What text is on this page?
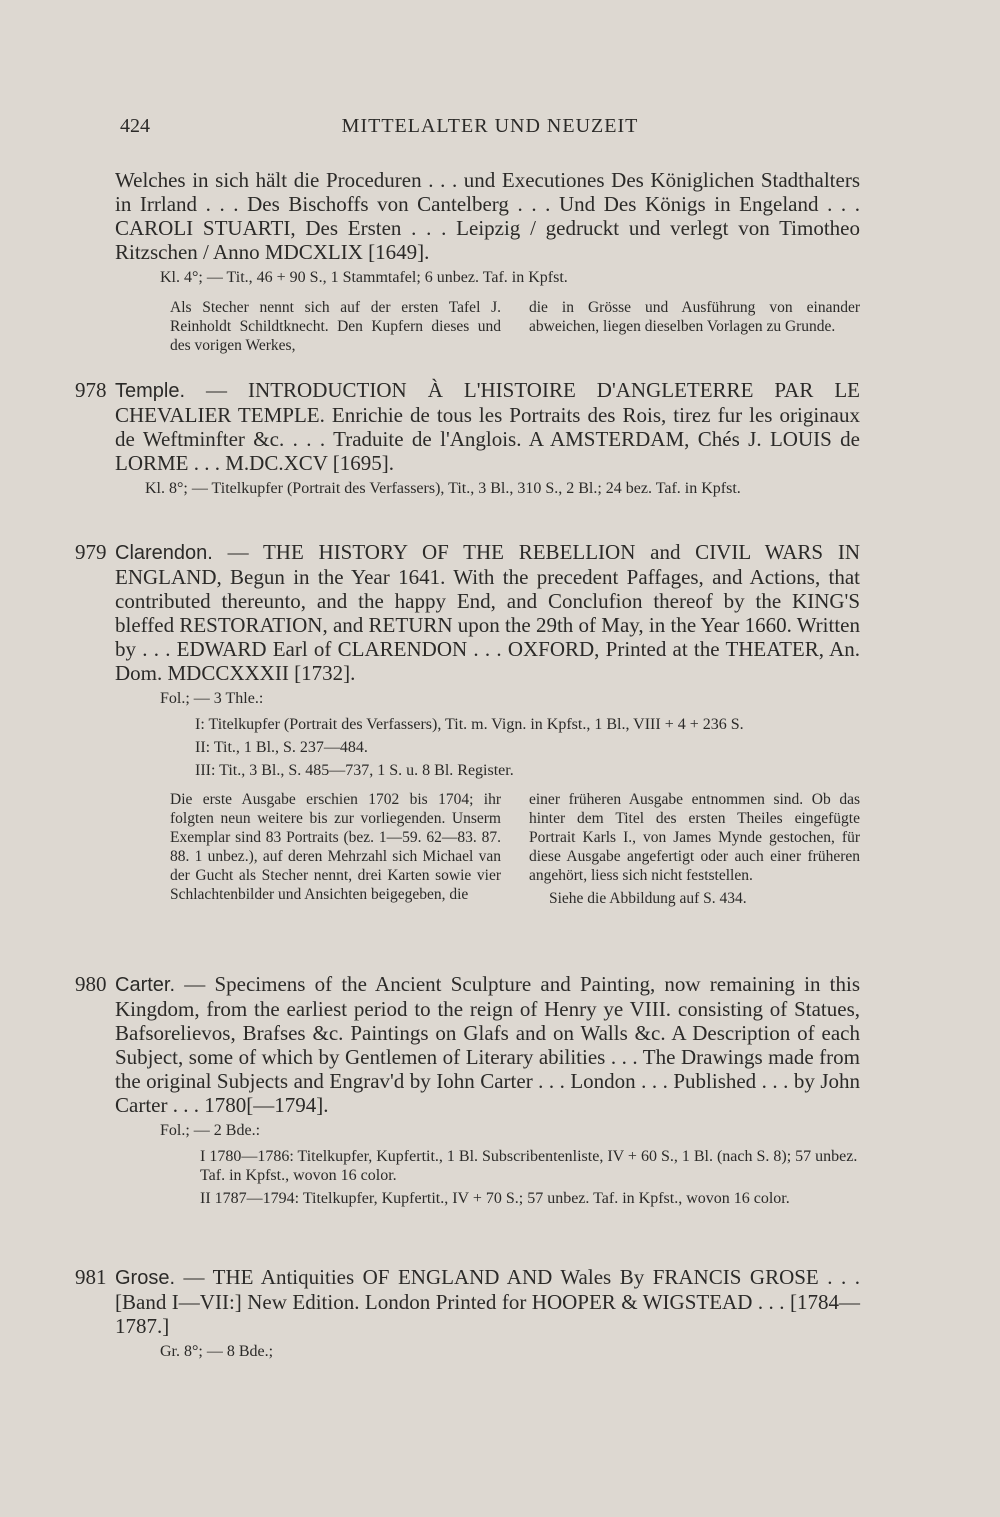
424	MITTELALTER UND NEUZEIT

Welches in sich hält die Proceduren . . . und Executiones Des Königlichen Stadthalters in Irrland . . . Des Bischoffs von Cantelberg . . . Und Des Königs in Engeland . . . CAROLI STUARTI, Des Ersten . . . Leipzig / gedruckt und verlegt von Timotheo Ritzschen / Anno MDCXLIX [1649].

Kl. 4°; — Tit., 46 + 90 S., 1 Stammtafel; 6 unbez. Taf. in Kpfst.

Als Stecher nennt sich auf der ersten Tafel J. Reinholdt Schildtknecht. Den Kupfern dieses und des vorigen Werkes,

die in Grösse und Ausführung von einander abweichen, liegen dieselben Vorlagen zu Grunde.

978 Temple. — INTRODUCTION À L'HISTOIRE D'ANGLETERRE PAR LE CHEVALIER TEMPLE. Enrichie de tous les Portraits des Rois, tirez fur les originaux de Weftminfter &c. . . . Traduite de l'Anglois. A AMSTERDAM, Chés J. LOUIS de LORME . . . M.DC.XCV [1695].

Kl. 8°; — Titelkupfer (Portrait des Verfassers), Tit., 3 Bl., 310 S., 2 Bl.; 24 bez. Taf. in Kpfst.

979 Clarendon. — THE HISTORY OF THE REBELLION and CIVIL WARS IN ENGLAND, Begun in the Year 1641. With the precedent Paffages, and Actions, that contributed thereunto, and the happy End, and Conclufion thereof by the KING'S bleffed RESTORATION, and RETURN upon the 29th of May, in the Year 1660. Written by . . . EDWARD Earl of CLARENDON . . . OXFORD, Printed at the THEATER, An. Dom. MDCCXXXII [1732].

Fol.; — 3 Thle.:

I: Titelkupfer (Portrait des Verfassers), Tit. m. Vign. in Kpfst., 1 Bl., VIII + 4 + 236 S.

II: Tit., 1 Bl., S. 237—484.

III: Tit., 3 Bl., S. 485—737, 1 S. u. 8 Bl. Register.

Die erste Ausgabe erschien 1702 bis 1704; ihr folgten neun weitere bis zur vorliegenden. Unserm Exemplar sind 83 Portraits (bez. 1—59. 62—83. 87. 88. 1 unbez.), auf deren Mehrzahl sich Michael van der Gucht als Stecher nennt, drei Karten sowie vier Schlachtenbilder und Ansichten beigegeben, die

einer früheren Ausgabe entnommen sind. Ob das hinter dem Titel des ersten Theiles eingefügte Portrait Karls I., von James Mynde gestochen, für diese Ausgabe angefertigt oder auch einer früheren angehört, liess sich nicht feststellen.

Siehe die Abbildung auf S. 434.

980 Carter. — Specimens of the Ancient Sculpture and Painting, now remaining in this Kingdom, from the earliest period to the reign of Henry ye VIII. consisting of Statues, Bafsorelievos, Brafses &c. Paintings on Glafs and on Walls &c. A Description of each Subject, some of which by Gentlemen of Literary abilities . . . The Drawings made from the original Subjects and Engrav'd by Iohn Carter . . . London . . . Published . . . by John Carter . . . 1780[—1794].

Fol.; — 2 Bde.:

I 1780—1786: Titelkupfer, Kupfertit., 1 Bl. Subscribentenliste, IV + 60 S., 1 Bl. (nach S. 8); 57 unbez. Taf. in Kpfst., wovon 16 color.

II 1787—1794: Titelkupfer, Kupfertit., IV + 70 S.; 57 unbez. Taf. in Kpfst., wovon 16 color.

981 Grose. — THE Antiquities OF ENGLAND AND Wales By FRANCIS GROSE . . . [Band I—VII:] New Edition. London Printed for HOOPER & WIGSTEAD . . . [1784—1787.]

Gr. 8°; — 8 Bde.;
